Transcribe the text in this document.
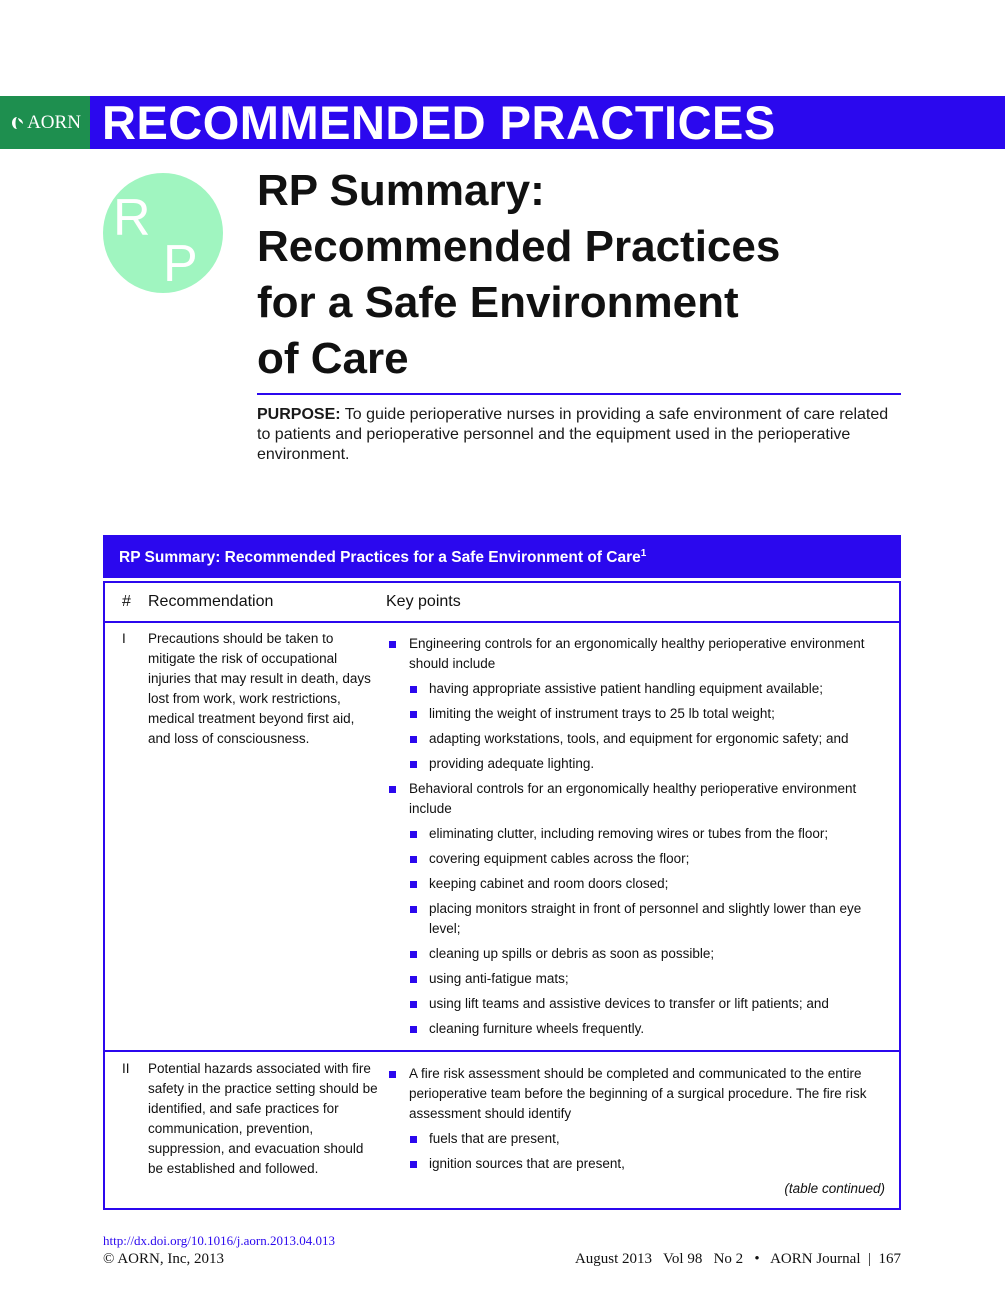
AORN RECOMMENDED PRACTICES
R
P
RP Summary:
Recommended Practices
for a Safe Environment
of Care
PURPOSE: To guide perioperative nurses in providing a safe environment of care related to patients and perioperative personnel and the equipment used in the perioperative environment.
RP Summary: Recommended Practices for a Safe Environment of Care$^1$
# Recommendation	Key points
I Precautions should be taken to mitigate the risk of occupational injuries that may result in death, days lost from work, work restrictions, medical treatment beyond first aid, and loss of consciousness.
Engineering controls for an ergonomically healthy perioperative environment should include
having appropriate assistive patient handling equipment available;
limiting the weight of instrument trays to 25 lb total weight;
adapting workstations, tools, and equipment for ergonomic safety; and
providing adequate lighting.
Behavioral controls for an ergonomically healthy perioperative environment include
eliminating clutter, including removing wires or tubes from the floor;
covering equipment cables across the floor;
keeping cabinet and room doors closed;
placing monitors straight in front of personnel and slightly lower than eye level;
cleaning up spills or debris as soon as possible;
using anti-fatigue mats;
using lift teams and assistive devices to transfer or lift patients; and
cleaning furniture wheels frequently.
II Potential hazards associated with fire safety in the practice setting should be identified, and safe practices for communication, prevention, suppression, and evacuation should be established and followed.
A fire risk assessment should be completed and communicated to the entire perioperative team before the beginning of a surgical procedure. The fire risk assessment should identify
fuels that are present,
ignition sources that are present,
(table continued)
http://dx.doi.org/10.1016/j.aorn.2013.04.013
© AORN, Inc, 2013	August 2013   Vol 98   No 2   •   AORN Journal  |  167
